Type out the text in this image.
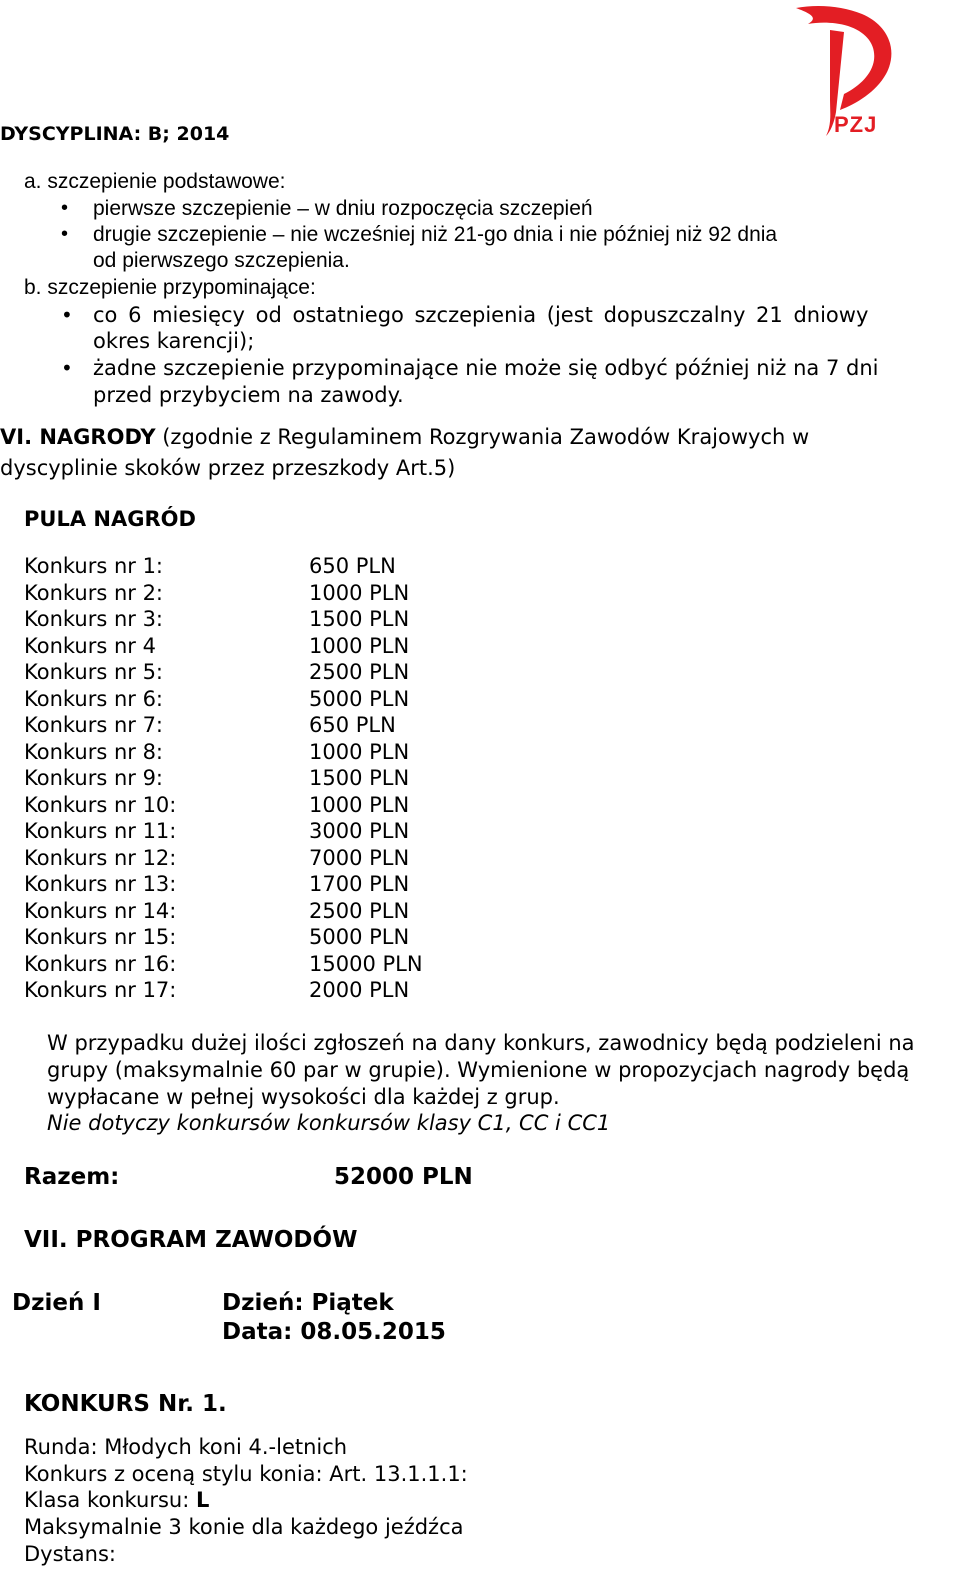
PZJ
DYSCYPLINA: B; 2014
a. szczepienie podstawowe:
• pierwsze szczepienie – w dniu rozpoczęcia szczepień
• drugie szczepienie – nie wcześniej niż 21-go dnia i nie później niż 92 dnia
od pierwszego szczepienia.
b. szczepienie przypominające:
• co 6 miesięcy od ostatniego szczepienia (jest dopuszczalny 21 dniowy
okres karencji);
• żadne szczepienie przypominające nie może się odbyć później niż na 7 dni
przed przybyciem na zawody.
VI. NAGRODY (zgodnie z Regulaminem Rozgrywania Zawodów Krajowych w
dyscyplinie skoków przez przeszkody Art.5)
PULA NAGRÓD
Konkurs nr 1:	650 PLN
Konkurs nr 2:	1000 PLN
Konkurs nr 3:	1500 PLN
Konkurs nr 4	1000 PLN
Konkurs nr 5:	2500 PLN
Konkurs nr 6:	5000 PLN
Konkurs nr 7:	650 PLN
Konkurs nr 8:	1000 PLN
Konkurs nr 9:	1500 PLN
Konkurs nr 10:	1000 PLN
Konkurs nr 11:	3000 PLN
Konkurs nr 12:	7000 PLN
Konkurs nr 13:	1700 PLN
Konkurs nr 14:	2500 PLN
Konkurs nr 15:	5000 PLN
Konkurs nr 16:	15000 PLN
Konkurs nr 17:	2000 PLN
W przypadku dużej ilości zgłoszeń na dany konkurs, zawodnicy będą podzieleni na
grupy (maksymalnie 60 par w grupie). Wymienione w propozycjach nagrody będą
wypłacane w pełnej wysokości dla każdej z grup.
Nie dotyczy konkursów konkursów klasy C1, CC i CC1
Razem:	52000 PLN
VII. PROGRAM ZAWODÓW
Dzień I	Dzień: Piątek
Data: 08.05.2015
KONKURS Nr. 1.
Runda: Młodych koni 4.-letnich
Konkurs z oceną stylu konia: Art. 13.1.1.1:
Klasa konkursu: L
Maksymalnie 3 konie dla każdego jeźdźca
Dystans:
